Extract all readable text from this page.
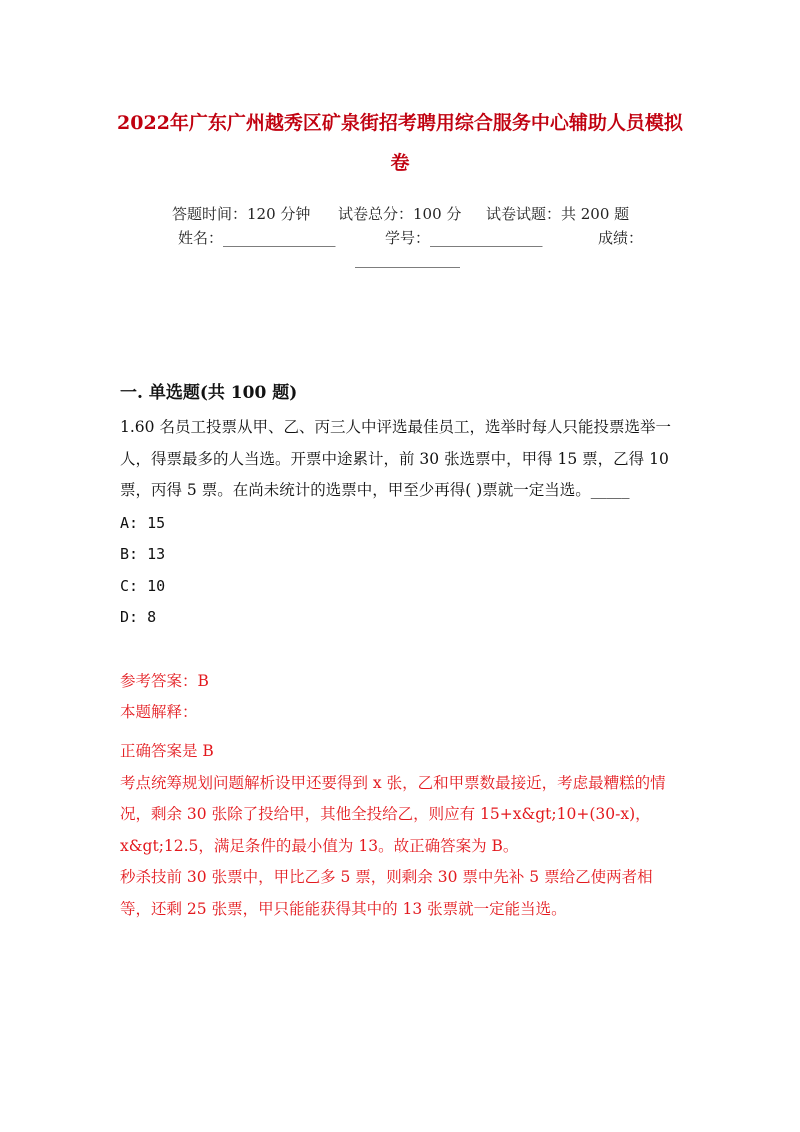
2022年广东广州越秀区矿泉街招考聘用综合服务中心辅助人员模拟
卷
答题时间：120 分钟 试卷总分：100 分 试卷试题：共 200 题
姓名：_______________	学号：_______________	成绩：
______________
一. 单选题(共 100 题)
1.60 名员工投票从甲、乙、丙三人中评选最佳员工，选举时每人只能投票选举一人，得票最多的人当选。开票中途累计，前 30 张选票中，甲得 15 票，乙得 10 票，丙得 5 票。在尚未统计的选票中，甲至少再得( )票就一定当选。_____
A: 15
B: 13
C: 10
D: 8
参考答案：B
本题解释：

正确答案是 B

考点统筹规划问题解析设甲还要得到 x 张，乙和甲票数最接近，考虑最糟糕的情况，剩余 30 张除了投给甲，其他全投给乙，则应有 15+x&gt;10+(30-x)，x&gt;12.5，满足条件的最小值为 13。故正确答案为 B。

秒杀技前 30 张票中，甲比乙多 5 票，则剩余 30 票中先补 5 票给乙使两者相等，还剩 25 张票，甲只能能获得其中的 13 张票就一定能当选。
